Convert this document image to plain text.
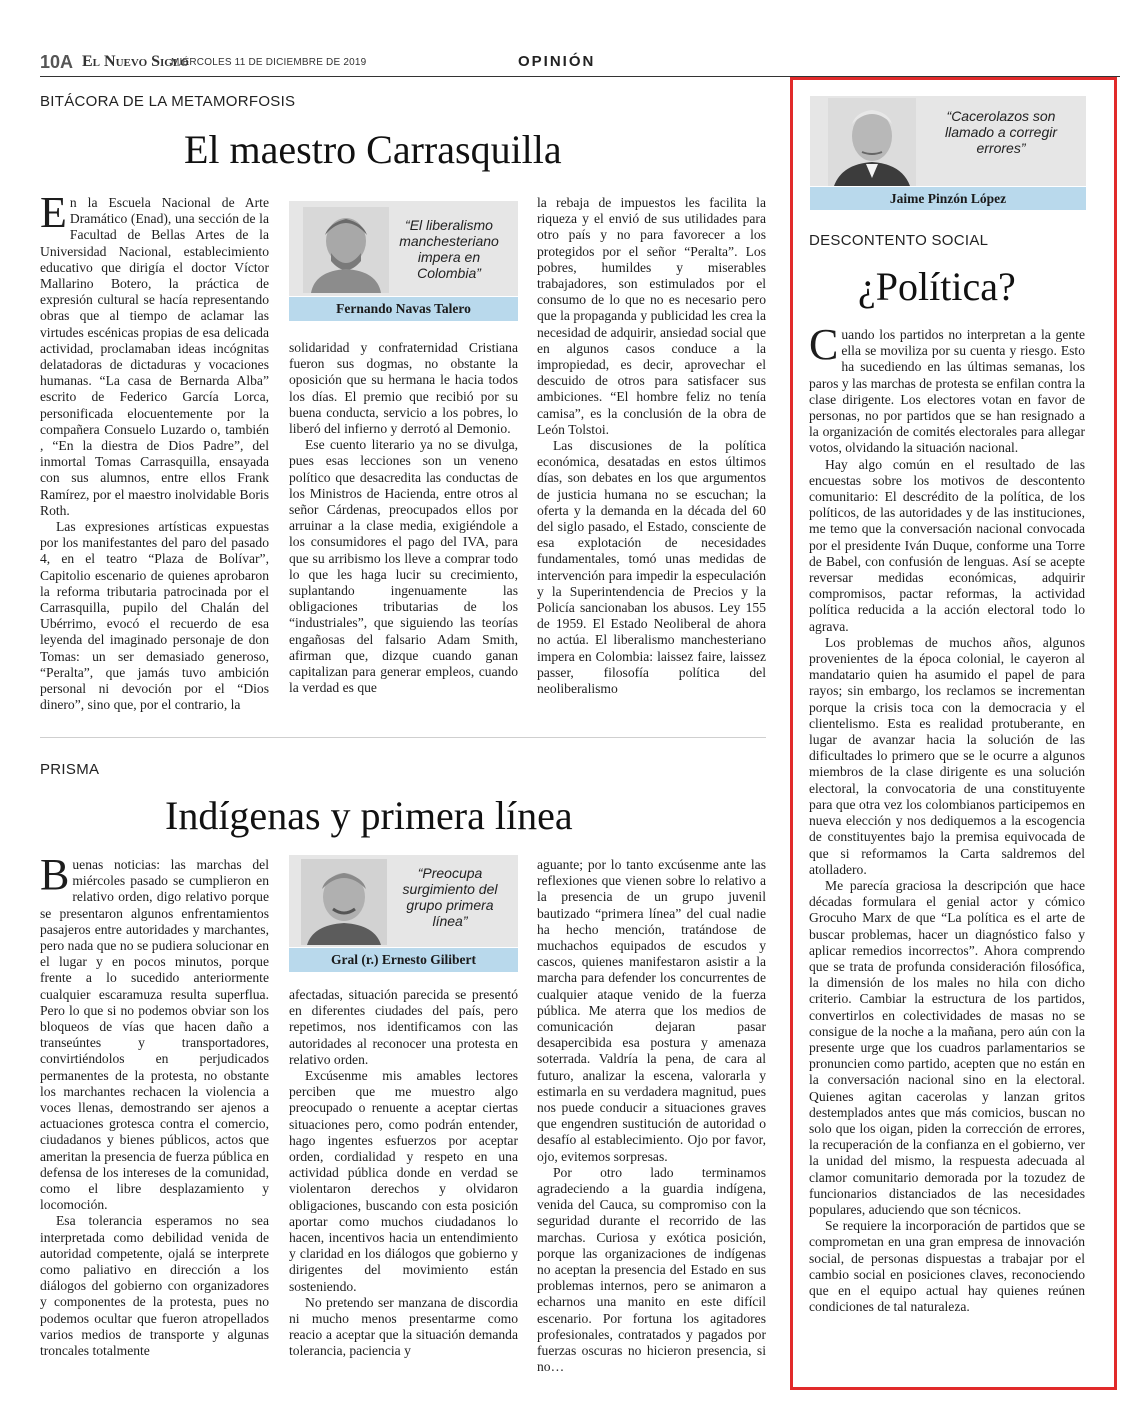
10A El Nuevo Siglo
MIÉRCOLES 11 DE DICIEMBRE DE 2019	OPINIÓN
BITÁCORA DE LA METAMORFOSIS
El maestro Carrasquilla

En la Escuela Nacional de Arte Dramático (Enad), una sección de la Facultad de Bellas Artes de la Universidad Nacional, establecimiento educativo que dirigía el doctor Víctor Mallarino Botero, la práctica de expresión cultural se hacía representando obras que al tiempo de aclamar las virtudes escénicas propias de esa delicada actividad, proclamaban ideas incógnitas delatadoras de dictaduras y vocaciones humanas. “La casa de Bernarda Alba” escrito de Federico García Lorca, personificada elocuentemente por la compañera Consuelo Luzardo o, también , “En la diestra de Dios Padre”, del inmortal Tomas Carrasquilla, ensayada con sus alumnos, entre ellos Frank Ramírez, por el maestro inolvidable Boris Roth.

Las expresiones artísticas expuestas por los manifestantes del paro del pasado 4, en el teatro “Plaza de Bolívar”, Capitolio escenario de quienes aprobaron la reforma tributaria patrocinada por el Carrasquilla, pupilo del Chalán del Ubérrimo, evocó el recuerdo de esa leyenda del imaginado personaje de don Tomas: un ser demasiado generoso, “Peralta”, que jamás tuvo ambición personal ni devoción por el “Dios dinero”, sino que, por el contrario, la

“El liberalismo manchesteriano impera en Colombia”
Fernando Navas Talero

solidaridad y confraternidad Cristiana fueron sus dogmas, no obstante la oposición que su hermana le hacia todos los días. El premio que recibió por su buena conducta, servicio a los pobres, lo liberó del infierno y derrotó al Demonio.

Ese cuento literario ya no se divulga, pues esas lecciones son un veneno político que desacredita las conductas de los Ministros de Hacienda, entre otros al señor Cárdenas, preocupados ellos por arruinar a la clase media, exigiéndole a los consumidores el pago del IVA, para que su arribismo los lleve a comprar todo lo que les haga lucir su crecimiento, suplantando ingenuamente las obligaciones tributarias de los “industriales”, que siguiendo las teorías engañosas del falsario Adam Smith, afirman que, dizque cuando ganan capitalizan para generar empleos, cuando la verdad es que

la rebaja de impuestos les facilita la riqueza y el envió de sus utilidades para otro país y no para favorecer a los protegidos por el señor “Peralta”. Los pobres, humildes y miserables trabajadores, son estimulados por el consumo de lo que no es necesario pero que la propaganda y publicidad les crea la necesidad de adquirir, ansiedad social que en algunos casos conduce a la impropiedad, es decir, aprovechar el descuido de otros para satisfacer sus ambiciones. “El hombre feliz no tenía camisa”, es la conclusión de la obra de León Tolstoi.

Las discusiones de la política económica, desatadas en estos últimos días, son debates en los que argumentos de justicia humana no se escuchan; la oferta y la demanda en la década del 60 del siglo pasado, el Estado, consciente de esa explotación de necesidades fundamentales, tomó unas medidas de intervención para impedir la especulación y la Superintendencia de Precios y la Policía sancionaban los abusos. Ley 155 de 1959. El Estado Neoliberal de ahora no actúa. El liberalismo manchesteriano impera en Colombia: laissez faire, laissez passer, filosofía política del neoliberalismo

PRISMA
Indígenas y primera línea

Buenas noticias: las marchas del miércoles pasado se cumplieron en relativo orden, digo relativo porque se presentaron algunos enfrentamientos pasajeros entre autoridades y marchantes, pero nada que no se pudiera solucionar en el lugar y en pocos minutos, porque frente a lo sucedido anteriormente cualquier escaramuza resulta superflua. Pero lo que si no podemos obviar son los bloqueos de vías que hacen daño a transeúntes y transportadores, convirtiéndolos en perjudicados permanentes de la protesta, no obstante los marchantes rechacen la violencia a voces llenas, demostrando ser ajenos a actuaciones grotesca contra el comercio, ciudadanos y bienes públicos, actos que ameritan la presencia de fuerza pública en defensa de los intereses de la comunidad, como el libre desplazamiento y locomoción.

Esa tolerancia esperamos no sea interpretada como debilidad venida de autoridad competente, ojalá se interprete como paliativo en dirección a los diálogos del gobierno con organizadores y componentes de la protesta, pues no podemos ocultar que fueron atropellados varios medios de transporte y algunas troncales totalmente

“Preocupa surgimiento del grupo primera línea”
Gral (r.) Ernesto Gilibert

afectadas, situación parecida se presentó en diferentes ciudades del país, pero repetimos, nos identificamos con las autoridades al reconocer una protesta en relativo orden.

Excúsenme mis amables lectores perciben que me muestro algo preocupado o renuente a aceptar ciertas situaciones pero, como podrán entender, hago ingentes esfuerzos por aceptar orden, cordialidad y respeto en una actividad pública donde en verdad se violentaron derechos y olvidaron obligaciones, buscando con esta posición aportar como muchos ciudadanos lo hacen, incentivos hacia un entendimiento y claridad en los diálogos que gobierno y dirigentes del movimiento están sosteniendo.

No pretendo ser manzana de discordia ni mucho menos presentarme como reacio a aceptar que la situación demanda tolerancia, paciencia y

aguante; por lo tanto excúsenme ante las reflexiones que vienen sobre lo relativo a la presencia de un grupo juvenil bautizado “primera línea” del cual nadie ha hecho mención, tratándose de muchachos equipados de escudos y cascos, quienes manifestaron asistir a la marcha para defender los concurrentes de cualquier ataque venido de la fuerza pública. Me aterra que los medios de comunicación dejaran pasar desapercibida esa postura y amenaza soterrada. Valdría la pena, de cara al futuro, analizar la escena, valorarla y estimarla en su verdadera magnitud, pues nos puede conducir a situaciones graves que engendren sustitución de autoridad o desafío al establecimiento. Ojo por favor, ojo, evitemos sorpresas.

Por otro lado terminamos agradeciendo a la guardia indígena, venida del Cauca, su compromiso con la seguridad durante el recorrido de las marchas. Curiosa y exótica posición, porque las organizaciones de indígenas no aceptan la presencia del Estado en sus problemas internos, pero se animaron a echarnos una manito en este difícil escenario. Por fortuna los agitadores profesionales, contratados y pagados por fuerzas oscuras no hicieron presencia, si no…

“Cacerolazos son llamado a corregir errores”
Jaime Pinzón López
DESCONTENTO SOCIAL
¿Política?

Cuando los partidos no interpretan a la gente ella se moviliza por su cuenta y riesgo. Esto ha sucediendo en las últimas semanas, los paros y las marchas de protesta se enfilan contra la clase dirigente. Los electores votan en favor de personas, no por partidos que se han resignado a la organización de comités electorales para allegar votos, olvidando la situación nacional.

Hay algo común en el resultado de las encuestas sobre los motivos de descontento comunitario: El descrédito de la política, de los políticos, de las autoridades y de las instituciones, me temo que la conversación nacional convocada por el presidente Iván Duque, conforme una Torre de Babel, con confusión de lenguas. Así se acepte reversar medidas económicas, adquirir compromisos, pactar reformas, la actividad política reducida a la acción electoral todo lo agrava.

Los problemas de muchos años, algunos provenientes de la época colonial, le cayeron al mandatario quien ha asumido el papel de para rayos; sin embargo, los reclamos se incrementan porque la crisis toca con la democracia y el clientelismo. Esta es realidad protuberante, en lugar de avanzar hacia la solución de las dificultades lo primero que se le ocurre a algunos miembros de la clase dirigente es una solución electoral, la convocatoria de una constituyente para que otra vez los colombianos participemos en nueva elección y nos dediquemos a la escogencia de constituyentes bajo la premisa equivocada de que si reformamos la Carta saldremos del atolladero.

Me parecía graciosa la descripción que hace décadas formulara el genial actor y cómico Grocuho Marx de que “La política es el arte de buscar problemas, hacer un diagnóstico falso y aplicar remedios incorrectos”. Ahora comprendo que se trata de profunda consideración filosófica, la dimensión de los males no hila con dicho criterio. Cambiar la estructura de los partidos, convertirlos en colectividades de masas no se consigue de la noche a la mañana, pero aún con la presente urge que los cuadros parlamentarios se pronuncien como partido, acepten que no están en la conversación nacional sino en la electoral. Quienes agitan cacerolas y lanzan gritos destemplados antes que más comicios, buscan no solo que los oigan, piden la corrección de errores, la recuperación de la confianza en el gobierno, ver la unidad del mismo, la respuesta adecuada al clamor comunitario demorada por la tozudez de funcionarios distanciados de las necesidades populares, aduciendo que son técnicos.

Se requiere la incorporación de partidos que se comprometan en una gran empresa de innovación social, de personas dispuestas a trabajar por el cambio social en posiciones claves, reconociendo que en el equipo actual hay quienes reúnen condiciones de tal naturaleza.
